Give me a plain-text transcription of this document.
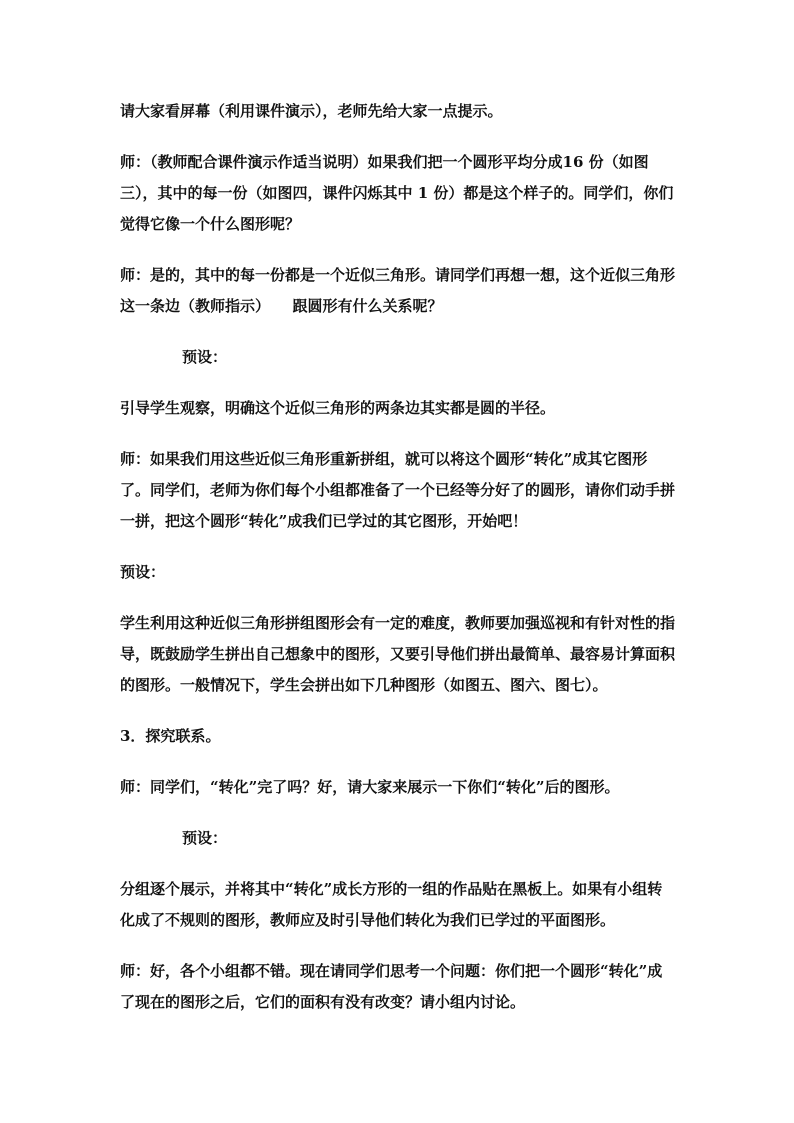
请大家看屏幕（利用课件演示），老师先给大家一点提示。

师：（教师配合课件演示作适当说明）如果我们把一个圆形平均分成16 份（如图三），其中的每一份（如图四，课件闪烁其中 1 份）都是这个样子的。同学们，你们觉得它像一个什么图形呢？

师：是的，其中的每一份都是一个近似三角形。请同学们再想一想，这个近似三角形这一条边（教师指示）　　跟圆形有什么关系呢？

预设：

引导学生观察，明确这个近似三角形的两条边其实都是圆的半径。

师：如果我们用这些近似三角形重新拼组，就可以将这个圆形“转化”成其它图形了。同学们，老师为你们每个小组都准备了一个已经等分好了的圆形，请你们动手拼一拼，把这个圆形“转化”成我们已学过的其它图形，开始吧！

预设：

学生利用这种近似三角形拼组图形会有一定的难度，教师要加强巡视和有针对性的指导，既鼓励学生拼出自己想象中的图形，又要引导他们拼出最简单、最容易计算面积的图形。一般情况下，学生会拼出如下几种图形（如图五、图六、图七）。

3．探究联系。

师：同学们，“转化”完了吗？好，请大家来展示一下你们“转化”后的图形。

预设：

分组逐个展示，并将其中“转化”成长方形的一组的作品贴在黑板上。如果有小组转化成了不规则的图形，教师应及时引导他们转化为我们已学过的平面图形。

师：好，各个小组都不错。现在请同学们思考一个问题：你们把一个圆形“转化”成了现在的图形之后，它们的面积有没有改变？请小组内讨论。
